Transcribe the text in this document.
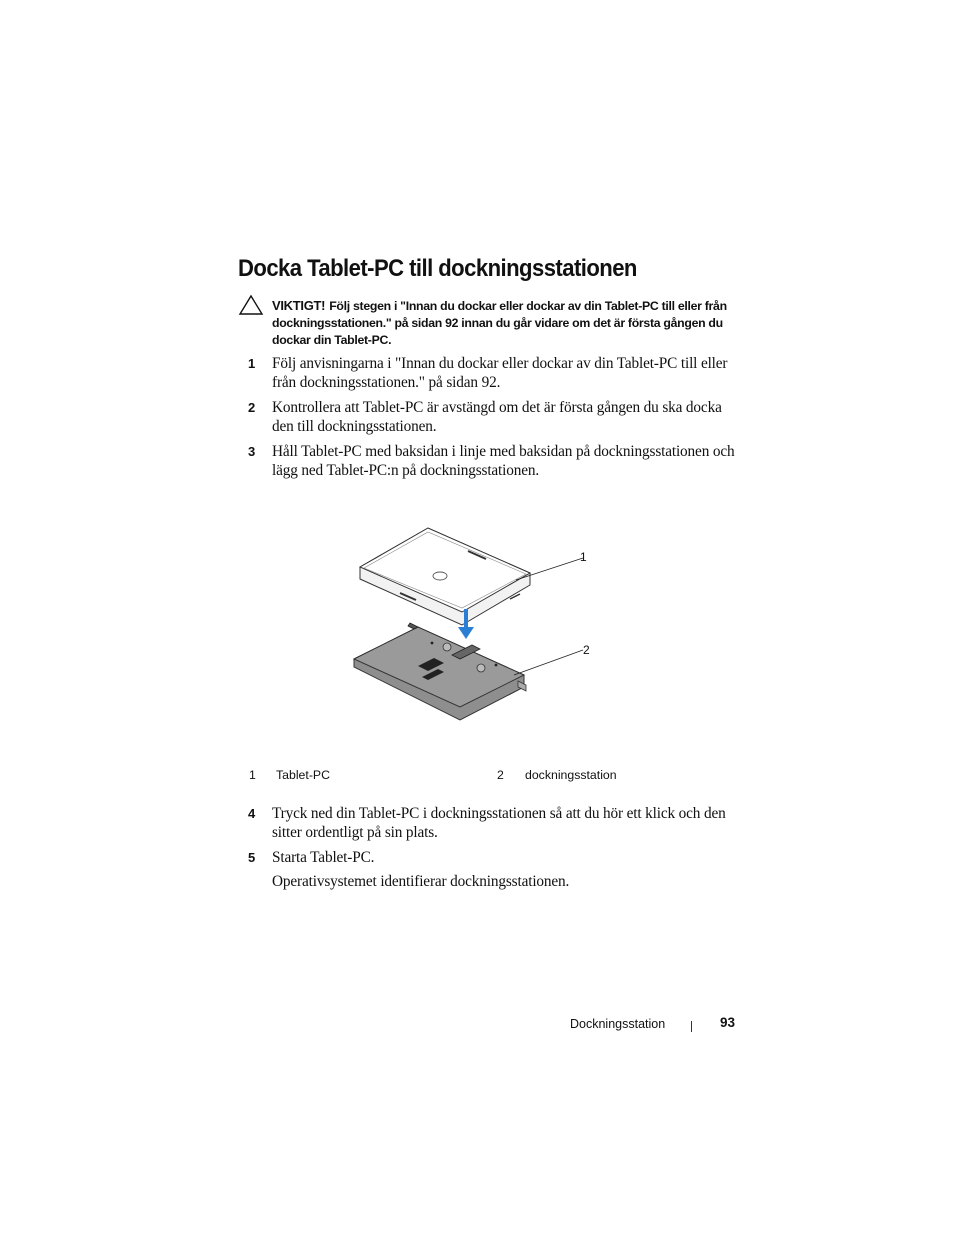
Docka Tablet-PC till dockningsstationen
VIKTIGT! Följ stegen i "Innan du dockar eller dockar av din Tablet-PC till eller från dockningsstationen." på sidan 92 innan du går vidare om det är första gången du dockar din Tablet-PC.
1 Följ anvisningarna i "Innan du dockar eller dockar av din Tablet-PC till eller från dockningsstationen." på sidan 92.
2 Kontrollera att Tablet-PC är avstängd om det är första gången du ska docka den till dockningsstationen.
3 Håll Tablet-PC med baksidan i linje med baksidan på dockningsstationen och lägg ned Tablet-PC:n på dockningsstationen.
1
2
1 Tablet-PC	2 dockningsstation
4 Tryck ned din Tablet-PC i dockningsstationen så att du hör ett klick och den sitter ordentligt på sin plats.
5 Starta Tablet-PC.
Operativsystemet identifierar dockningsstationen.
Dockningsstation	93
